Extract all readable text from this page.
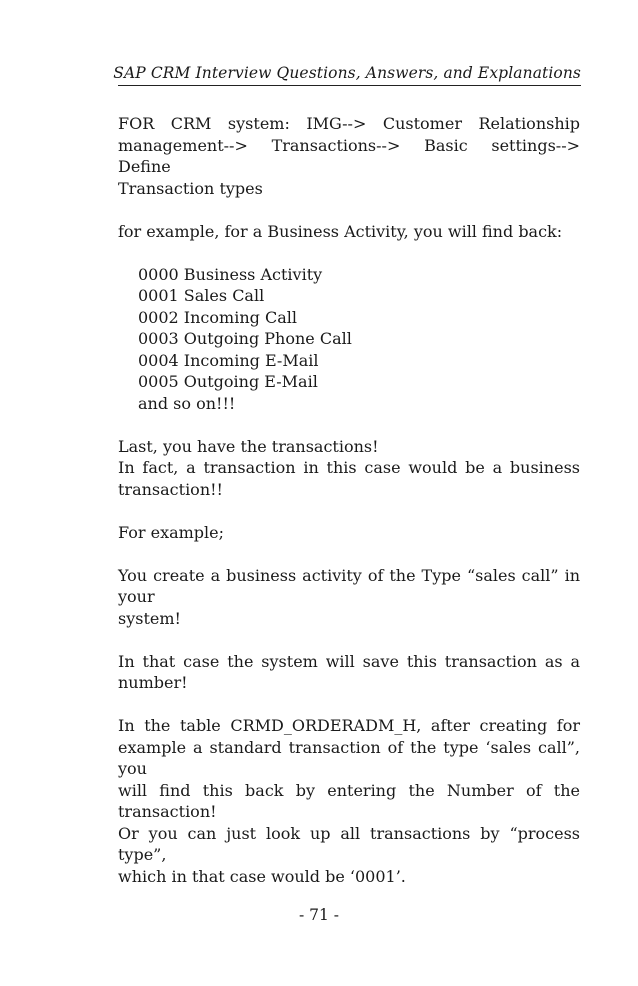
SAP CRM Interview Questions, Answers, and Explanations
FOR CRM system: IMG--> Customer Relationship
management--> Transactions--> Basic settings--> Define
Transaction types
for example, for a Business Activity, you will find back:
0000 Business Activity
0001 Sales Call
0002 Incoming Call
0003 Outgoing Phone Call
0004 Incoming E-Mail
0005 Outgoing E-Mail
and so on!!!
Last, you have the transactions!
In fact, a transaction in this case would be a business
transaction!!
For example;
You create a business activity of the Type “sales call” in your
system!
In that case the system will save this transaction as a
number!
In the table CRMD_ORDERADM_H, after creating for
example a standard transaction of the type ‘sales call”, you
will find this back by entering the Number of the transaction!
Or you can just look up all transactions by “process type”,
which in that case would be ‘0001’.
- 71 -
